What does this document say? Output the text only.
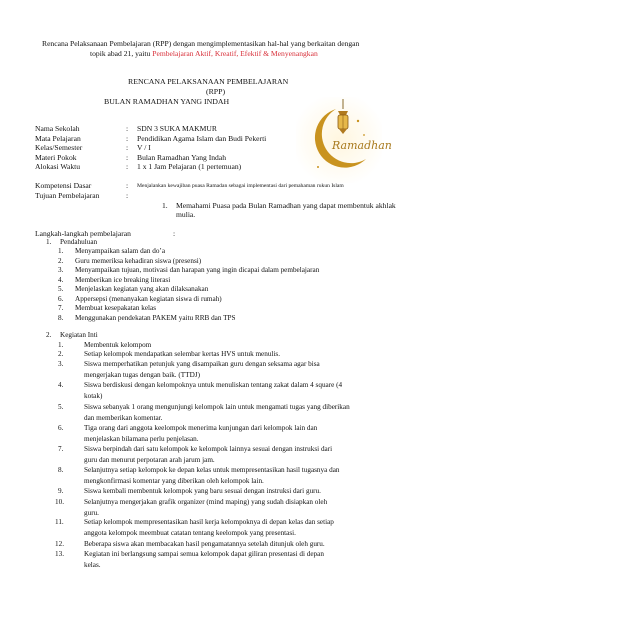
Rencana Pelaksanaan Pembelajaran (RPP) dengan mengimplementasikan hal-hal yang berkaitan dengan
topik abad 21, yaitu Pembelajaran Aktif, Kreatif, Efektif & Menyenangkan
RENCANA PELAKSANAAN PEMBELAJARAN
(RPP)
BULAN RAMADHAN YANG INDAH
Ramadhan
Nama Sekolah	: SDN 3 SUKA MAKMUR
Mata Pelajaran	: Pendidikan Agama Islam dan Budi Pekerti
Kelas/Semester	: V / I
Materi Pokok	: Bulan Ramadhan Yang Indah
Alokasi Waktu	: 1 x 1 Jam Pelajaran (1 pertemuan)
Kompetensi Dasar	: Menjalankan kewajiban puasa Ramadan sebagai implementasi dari pemahaman rukun Islam
Tujuan Pembelajaran	:
1. Memahami Puasa pada Bulan Ramadhan yang dapat membentuk akhlak
mulia.
Langkah-langkah pembelajaran	:
1. Pendahuluan
1. Menyampaikan salam dan do’a
2. Guru memeriksa kehadiran siswa (presensi)
3. Menyampaikan tujuan, motivasi dan harapan yang ingin dicapai dalam pembelajaran
4. Memberikan ice breaking literasi
5. Menjelaskan kegiatan yang akan dilaksanakan
6. Appersepsi (menanyakan kegiatan siswa di rumah)
7. Membuat kesepakatan kelas
8. Menggunakan pendekatan PAKEM yaitu RRB dan TPS
2. Kegiatan Inti
1.	Membentuk kelompom
2.	Setiap kelompok mendapatkan selembar kertas HVS untuk menulis.
3.	Siswa memperhatikan petunjuk yang disampaikan guru dengan seksama agar bisa
mengerjakan tugas dengan baik. (TTDJ)
4.	Siswa berdiskusi dengan kelompoknya untuk menuliskan tentang zakat dalam 4 square (4
kotak)
5.	Siswa sebanyak 1 orang mengunjungi kelompok lain untuk mengamati tugas yang diberikan
dan memberikan komentar.
6.	Tiga orang dari anggota keelompok menerima kunjungan dari kelompok lain dan
menjelaskan bilamana perlu penjelasan.
7.	Siswa berpindah dari satu kelompok ke kelompok lainnya sesuai dengan instruksi dari
guru dan menurut perpotaran arah jarum jam.
8.	Selanjutnya setiap kelompok ke depan kelas untuk mempresentasikan hasil tugasnya dan
mengkonfirmasi komentar yang diberikan oleh kelompok lain.
9.	Siswa kembali membentuk kelompok yang baru sesuai dengan instruksi dari guru.
10.	Selanjutnya mengerjakan grafik organizer (mind maping) yang sudah disiapkan oleh
guru.
11.	Setiap kelompok mempresentasikan hasil kerja kelompoknya di depan kelas dan setiap
anggota kelompok meembuat catatan tentang keelompok yang presentasi.
12.	Beberapa siswa akan membacakan hasil pengamatannya setelah ditunjuk oleh guru.
13.	Kegiatan ini berlangsung sampai semua kelompok dapat giliran presentasi di depan
kelas.
